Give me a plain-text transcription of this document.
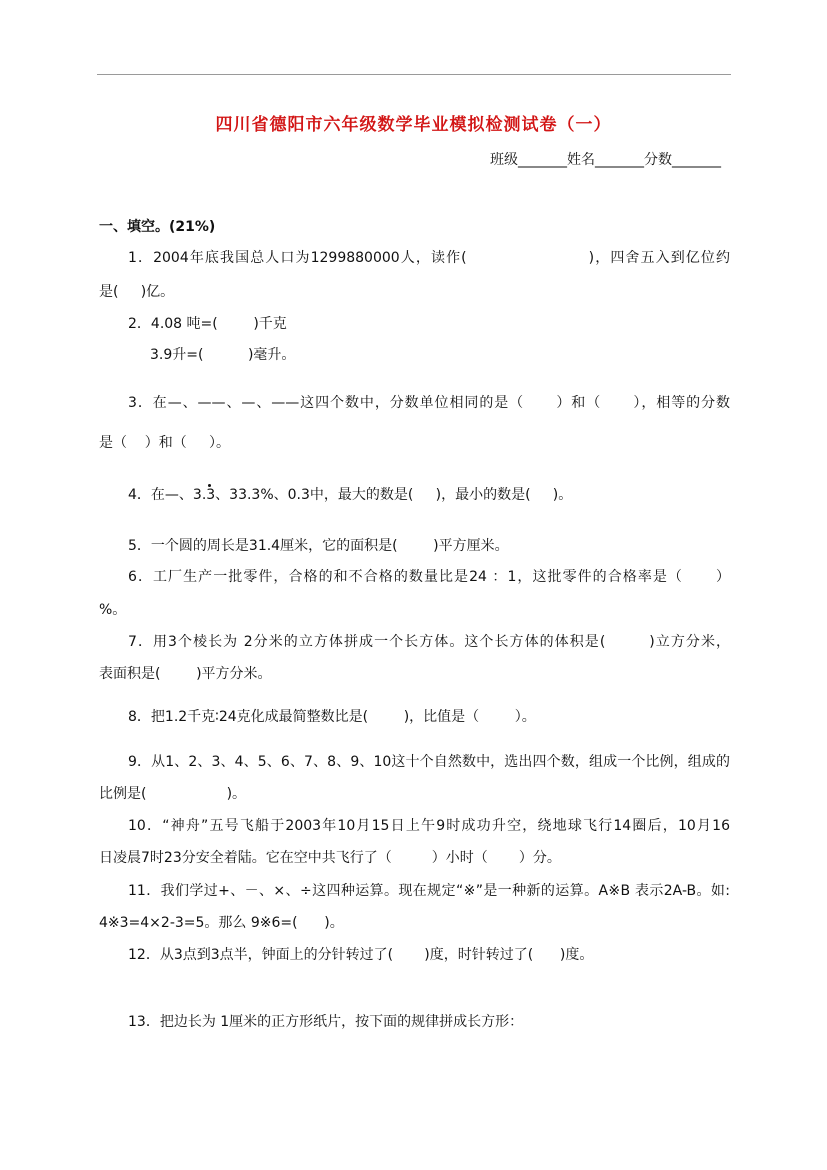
四川省德阳市六年级数学毕业模拟检测试卷（一）
班级_______姓名_______分数_______
一、填空。(21%)
1．2004年底我国总人口为1299880000人，读作(                      )，四舍五入到亿位约
是(     )亿。
2．4.08 吨=(        )千克
3.9升=(          )毫升。
3．在—、——、—、——这四个数中，分数单位相同的是（      ）和（      ），相等的分数
是（    ）和（     ）。
4．在—、3.3、33.3%、0.3中，最大的数是(     )，最小的数是(     )。
5．一个圆的周长是31.4厘米，它的面积是(        )平方厘米。
6．工厂生产一批零件，合格的和不合格的数量比是24 ：1，这批零件的合格率是（      ）
%。
7．用3个棱长为 2分米的立方体拼成一个长方体。这个长方体的体积是(        )立方分米，
表面积是(        )平方分米。
8．把1.2千克∶24克化成最简整数比是(        )，比值是（        ）。
9．从1、2、3、4、5、6、7、8、9、10这十个自然数中，选出四个数，组成一个比例，组成的
比例是(                  )。
10．“神舟”五号飞船于2003年10月15日上午9时成功升空，绕地球飞行14圈后，10月16
日凌晨7时23分安全着陆。它在空中共飞行了（         ）小时（       ）分。
11．我们学过+、－、×、÷这四种运算。现在规定“※”是一种新的运算。A※B 表示2A-B。如:
4※3=4×2-3=5。那么 9※6=(      )。
12．从3点到3点半，钟面上的分针转过了(       )度，时针转过了(      )度。
13．把边长为 1厘米的正方形纸片，按下面的规律拼成长方形：
